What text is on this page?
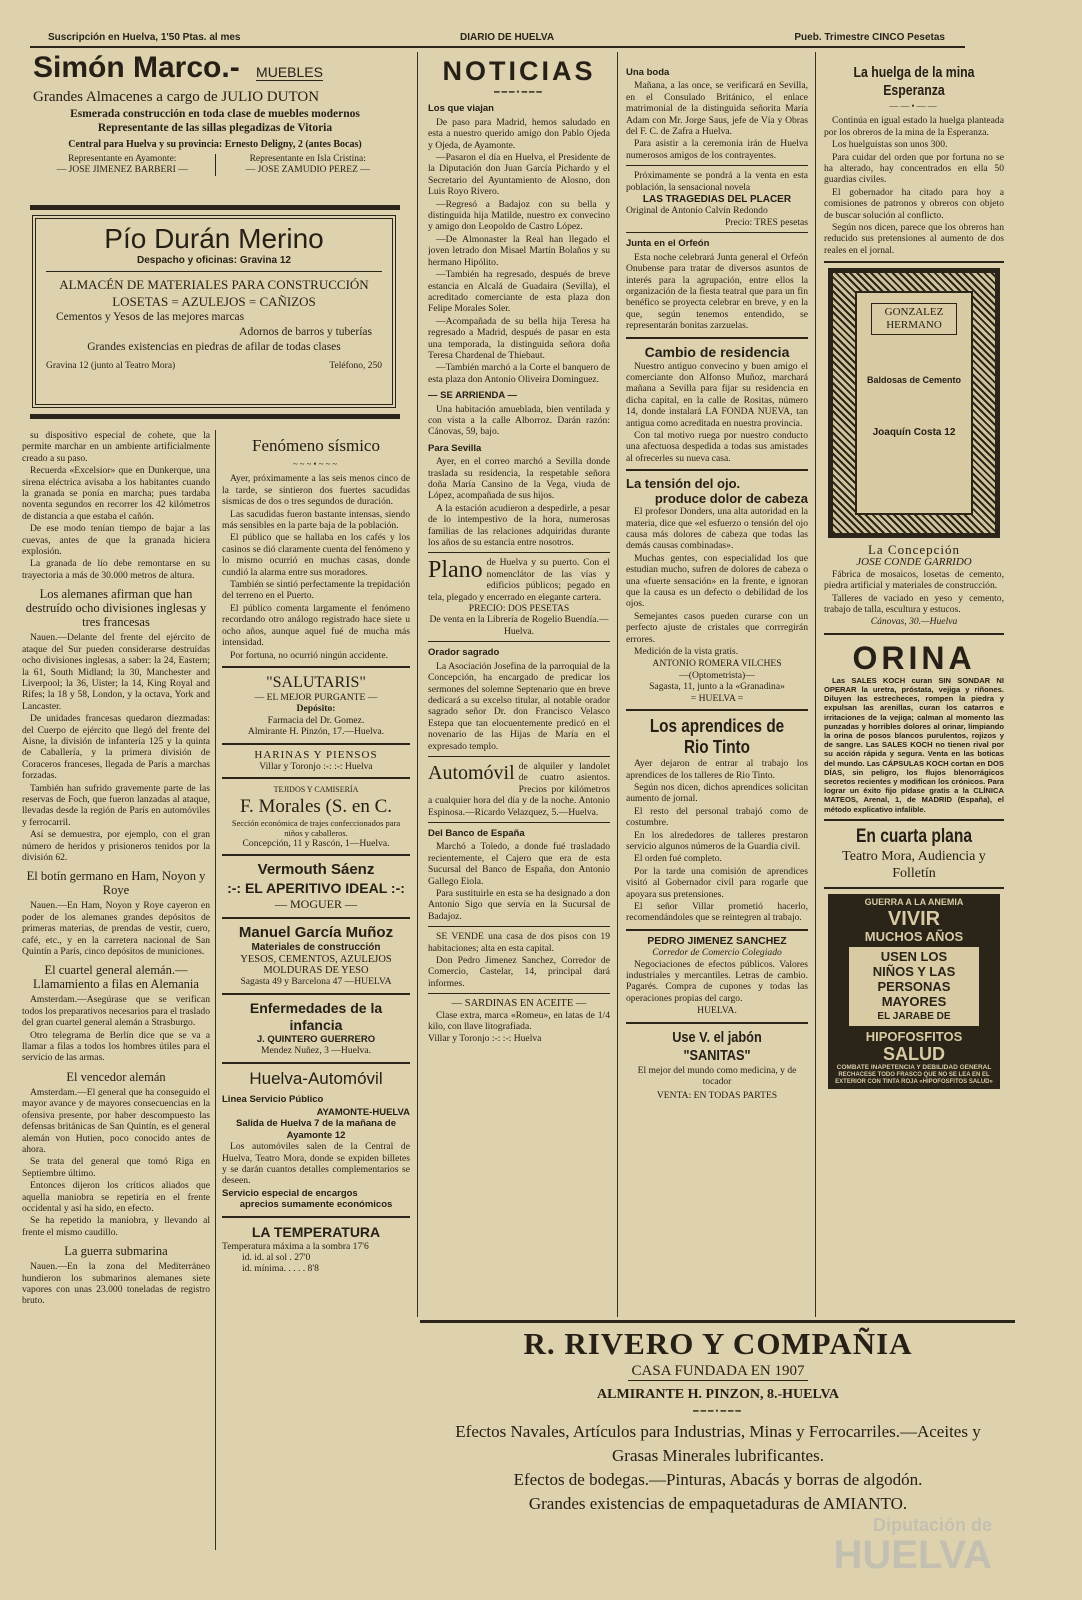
Suscripción en Huelva, 1'50 Ptas. al mes	DIARIO DE HUELVA	Pueb. Trimestre CINCO Pesetas
Simón Marco.- MUEBLES
Grandes Almacenes a cargo de JULIO DUTON
Esmerada construcción en toda clase de muebles modernos
Representante de las sillas plegadizas de Vitoria
Central para Huelva y su provincia: Ernesto Deligny, 2 (antes Bocas)
Representante en Ayamonte:
— JOSE JIMENEZ BARBERI —
Representante en Isla Cristina:
— JOSE ZAMUDIO PEREZ —
Pío Durán Merino
Despacho y oficinas: Gravina 12
ALMACÉN DE MATERIALES PARA CONSTRUCCIÓN
LOSETAS = AZULEJOS = CAÑIZOS
Cementos y Yesos de las mejores marcas
Adornos de barros y tuberías
Grandes existencias en piedras de afilar de todas clases
Gravina 12 (junto al Teatro Mora)	Teléfono, 250

su dispositivo especial de cohete, que la permite marchar en un ambiente artificialmente creado a su paso.

Recuerda «Excelsior» que en Dunkerque, una sirena eléctrica avisaba a los habitantes cuando la granada se ponía en marcha; pues tardaba noventa segundos en recorrer los 42 kilómetros de distancia a que estaba el cañón.

De ese modo tenían tiempo de bajar a las cuevas, antes de que la granada hiciera explosión.

La granada de lío debe remontarse en su trayectoria a más de 30.000 metros de altura.

Los alemanes afirman que han destruído ocho divisiones inglesas y tres francesas

Nauen.—Delante del frente del ejército de ataque del Sur pueden considerarse destruídas ocho divisiones inglesas, a saber: la 24, Eastern; la 61, South Midland; la 30, Manchester and Liverpool; la 36, Uister; la 14, King Royal and Rifes; la 18 y 58, London, y la octava, York and Lancaster.

De unidades francesas quedaron diezmadas: del Cuerpo de ejército que llegó del frente del Aisne, la división de infantería 125 y la quinta de Caballería, y la primera división de Coraceros franceses, llegada de París a marchas forzadas.

También han sufrido gravemente parte de las reservas de Foch, que fueron lanzadas al ataque, llevadas desde la región de París en automóviles y ferrocarril.

Así se demuestra, por ejemplo, con el gran número de heridos y prisioneros tenidos por la división 62.

El botín germano en Ham, Noyon y Roye

Nauen.—En Ham, Noyon y Roye cayeron en poder de los alemanes grandes depósitos de primeras materias, de prendas de vestir, cuero, café, etc., y en la carretera nacional de San Quintín a París, cinco depósitos de municiones.

El cuartel general alemán.— Llamamiento a filas en Alemania

Amsterdam.—Asegúrase que se verifican todos los preparativos necesarios para el traslado del gran cuartel general alemán a Strasburgo.

Otro telegrama de Berlín dice que se va a llamar a filas a todos los hombres útiles para el servicio de las armas.

El vencedor alemán

Amsterdam.—El general que ha conseguido el mayor avance y de mayores consecuencias en la ofensiva presente, por haber descompuesto las defensas británicas de San Quintín, es el general alemán von Hutien, poco conocido antes de ahora.

Se trata del general que tomó Riga en Septiembre último.

Entonces dijeron los críticos aliados que aquella maniobra se repetiría en el frente occidental y así ha sido, en efecto.

Se ha repetido la maniobra, y llevando al frente el mismo caudillo.

La guerra submarina

Nauen.—En la zona del Mediterráneo hundieron los submarinos alemanes siete vapores con unas 23.000 toneladas de registro bruto.

Fenómeno sísmico
~~~•~~~

Ayer, próximamente a las seis menos cinco de la tarde, se sintieron dos fuertes sacudidas sísmicas de dos o tres segundos de duración.

Las sacudidas fueron bastante intensas, siendo más sensibles en la parte baja de la población.

El público que se hallaba en los cafés y los casinos se dió claramente cuenta del fenómeno y lo mismo ocurrió en muchas casas, donde cundió la alarma entre sus moradores.

También se sintió perfectamente la trepidación del terreno en el Puerto.

El público comenta largamente el fenómeno recordando otro análogo registrado hace siete u ocho años, aunque aquel fué de mucha más intensidad.

Por fortuna, no ocurrió ningún accidente.

"SALUTARIS"
— EL MEJOR PURGANTE —
Depósito:
Farmacia del Dr. Gomez.
Almirante H. Pinzón, 17.—Huelva.
HARINAS Y PIENSOS
Villar y Toronjo :-: :-: Huelva
TEJIDOS Y CAMISERÍA
F. Morales (S. en C.
Sección económica de trajes confeccionados para niños y caballeros.
Concepción, 11 y Rascón, 1—Huelva.
Vermouth Sáenz
:-: EL APERITIVO IDEAL :-:
— MOGUER —
Manuel García Muñoz
Materiales de construcción
YESOS, CEMENTOS, AZULEJOS
MOLDURAS DE YESO
Sagasta 49 y Barcelona 47 —HUELVA
Enfermedades de la infancia
J. QUINTERO GUERRERO
Mendez Nuñez, 3 —Huelva.
Huelva-Automóvil
Linea Servicio Público
AYAMONTE-HUELVA
Salida de Huelva 7 de la mañana de Ayamonte 12

Los automóviles salen de la Central de Huelva, Teatro Mora, donde se expiden billetes y se darán cuantos detalles complementarios se deseen.

Servicio especial de encargos
aprecios sumamente económicos
LA TEMPERATURA
Temperatura máxima a la sombra 17'6
id. id. al sol . 27'0
id. mínima. . . . . 8'8
NOTICIAS
━━━•━━━
Los que viajan

De paso para Madrid, hemos saludado en esta a nuestro querido amigo don Pablo Ojeda y Ojeda, de Ayamonte.

—Pasaron el día en Huelva, el Presidente de la Diputación don Juan García Pichardo y el Secretario del Ayuntamiento de Alosno, don Luis Royo Rivero.

—Regresó a Badajoz con su bella y distinguida hija Matilde, nuestro ex convecino y amigo don Leopoldo de Castro López.

—De Almonaster la Real han llegado el joven letrado don Misael Martín Bolaños y su hermano Hipólito.

—También ha regresado, después de breve estancia en Alcalá de Guadaira (Sevilla), el acreditado comerciante de esta plaza don Felipe Morales Soler.

—Acompañada de su bella hija Teresa ha regresado a Madrid, después de pasar en esta una temporada, la distinguida señora doña Teresa Chardenal de Thiebaut.

—También marchó a la Corte el banquero de esta plaza don Antonio Oliveira Dominguez.

— SE ARRIENDA —

Una habitación amueblada, bien ventilada y con vista a la calle Alborroz. Darán razón: Cánovas, 59, bajo.

Para Sevilla

Ayer, en el correo marchó a Sevilla donde traslada su residencia, la respetable señora doña María Cansino de la Vega, viuda de López, acompañada de sus hijos.

A la estación acudieron a despedirle, a pesar de lo intempestivo de la hora, numerosas familias de las relaciones adquiridas durante los años de su estancia entre nosotros.

Plano de Huelva y su puerto. Con el nomenclátor de las vías y edificios públicos; pegado en tela, plegado y encerrado en elegante cartera.
PRECIO: DOS PESETAS
De venta en la Librería de Rogelio Buendía.—Huelva.
Orador sagrado

La Asociación Josefina de la parroquial de la Concepción, ha encargado de predicar los sermones del solemne Septenario que en breve dedicará a su excelso titular, al notable orador sagrado señor Dr. don Francisco Velasco Estepa que tan elocuentemente predicó en el novenario de las Hijas de María en el expresado templo.

Automóvil de alquiler y landolet de cuatro asientos. Precios por kilómetros a cualquier hora del día y de la noche. Antonio Espinosa.—Ricardo Velazquez, 5.—Huelva.
Del Banco de España

Marchó a Toledo, a donde fué trasladado recientemente, el Cajero que era de esta Sucursal del Banco de España, don Antonio Gallego Eiola.

Para sustituirle en esta se ha designado a don Antonio Sigo que servía en la Sucursal de Badajoz.

SE VENDE una casa de dos pisos con 19 habitaciones; alta en esta capital.

Don Pedro Jimenez Sanchez, Corredor de Comercio, Castelar, 14, principal dará informes.

— SARDINAS EN ACEITE —

Clase extra, marca «Romeu», en latas de 1/4 kilo, con llave litografiada.

Villar y Toronjo :-: :-: Huelva
Una boda

Mañana, a las once, se verificará en Sevilla, en el Consulado Británico, el enlace matrimonial de la distinguida señorita María Adam con Mr. Jorge Saus, jefe de Vía y Obras del F. C. de Zafra a Huelva.

Para asistir a la ceremonia irán de Huelva numerosos amigos de los contrayentes.

Próximamente se pondrá a la venta en esta población, la sensacional novela

LAS TRAGEDIAS DEL PLACER
Original de Antonio Calvín Redondo
Precio: TRES pesetas
Junta en el Orfeón

Esta noche celebrará Junta general el Orfeón Onubense para tratar de diversos asuntos de interés para la agrupación, entre ellos la organización de la fiesta teatral que para un fin benéfico se proyecta celebrar en breve, y en la que, según tenemos entendido, se representarán bonitas zarzuelas.

Cambio de residencia

Nuestro antiguo convecino y buen amigo el comerciante don Alfonso Muñoz, marchará mañana a Sevilla para fijar su residencia en dicha capital, en la calle de Rositas, número 14, donde instalará LA FONDA NUEVA, tan antigua como acreditada en nuestra provincia.

Con tal motivo ruega por nuestro conducto una afectuosa despedida a todas sus amistades al ofrecerles su nueva casa.

La tensión del ojo.
produce dolor de cabeza

El profesor Donders, una alta autoridad en la materia, dice que «el esfuerzo o tensión del ojo causa más dolores de cabeza que todas las demás causas combinadas».

Muchas gentes, con especialidad los que estudian mucho, sufren de dolores de cabeza o una «fuerte sensación» en la frente, e ignoran que la causa es un defecto o debilidad de los ojos.

Semejantes casos pueden curarse con un perfecto ajuste de cristales que corrregirán errores.

Medición de la vista gratis.

ANTONIO ROMERA VILCHES
—(Optometrista)—
Sagasta, 11, junto a la «Granadina»
= HUELVA =
Los aprendices de Rio Tinto

Ayer dejaron de entrar al trabajo los aprendices de los talleres de Rio Tinto.

Según nos dicen, dichos aprendices solicitan aumento de jornal.

El resto del personal trabajó como de costumbre.

En los alrededores de talleres prestaron servicio algunos números de la Guardia civil.

El orden fué completo.

Por la tarde una comisión de aprendices visitó al Gobernador civil para rogarle que apoyara sus pretensiones.

El señor Villar prometió hacerlo, recomendándoles que se reintegren al trabajo.

PEDRO JIMENEZ SANCHEZ
Corredor de Comercio Colegiado

Negociaciones de efectos públicos. Valores industriales y mercantiles. Letras de cambio. Pagarés. Compra de cupones y todas las operaciones propias del cargo.

HUELVA.
Use V. el jabón "SANITAS"
El mejor del mundo como medicina, y de tocador
VENTA: EN TODAS PARTES
La huelga de la mina Esperanza
——•——

Continúa en igual estado la huelga planteada por los obreros de la mina de la Esperanza.

Los huelguistas son unos 300.

Para cuidar del orden que por fortuna no se ha alterado, hay concentrados en ella 50 guardias civiles.

El gobernador ha citado para hoy a comisiones de patronos y obreros con objeto de buscar solución al conflicto.

Según nos dicen, parece que los obreros han reducido sus pretensiones al aumento de dos reales en el jornal.

GONZALEZ HERMANO
Baldosas de Cemento
Joaquín Costa 12
La Concepción
JOSE CONDE GARRIDO

Fábrica de mosaicos, losetas de cemento, piedra artificial y materiales de construcción.

Talleres de vaciado en yeso y cemento, trabajo de talla, escultura y estucos.

Cánovas, 30.—Huelva
ORINA

Las SALES KOCH curan SIN SONDAR NI OPERAR la uretra, próstata, vejiga y riñones. Diluyen las estrecheces, rompen la piedra y expulsan las arenillas, curan los catarros e irritaciones de la vejiga; calman al momento las punzadas y horribles dolores al orinar, limpiando la orina de posos blancos purulentos, rojizos y de sangre. Las SALES KOCH no tienen rival por su acción rápida y segura. Venta en las boticas del mundo. Las CÁPSULAS KOCH cortan en DOS DÍAS, sin peligro, los flujos blenorrágicos secretos recientes y modifican los crónicos. Para lograr un éxito fijo pídase gratis a la CLÍNICA MATEOS, Arenal, 1, de MADRID (España), el método explicativo infalible.

En cuarta plana
Teatro Mora, Audiencia y Folletín
GUERRA A LA ANEMIA
VIVIR
MUCHOS AÑOS
USEN LOS
NIÑOS Y LAS
PERSONAS
MAYORES
EL JARABE DE
HIPOFOSFITOS
SALUD
COMBATE INAPETENCIA Y DEBILIDAD GENERAL
RECHACESE TODO FRASCO QUE NO SE LEA EN EL EXTERIOR CON TINTA ROJA «HIPOFOSFITOS SALUD»
R. RIVERO Y COMPAÑIA
CASA FUNDADA EN 1907
ALMIRANTE H. PINZON, 8.-HUELVA
━━━•━━━
Efectos Navales, Artículos para Industrias, Minas y Ferrocarriles.—Aceites y Grasas Minerales lubrificantes.
Efectos de bodegas.—Pinturas, Abacás y borras de algodón.
Grandes existencias de empaquetaduras de AMIANTO.
Diputación de
HUELVA
